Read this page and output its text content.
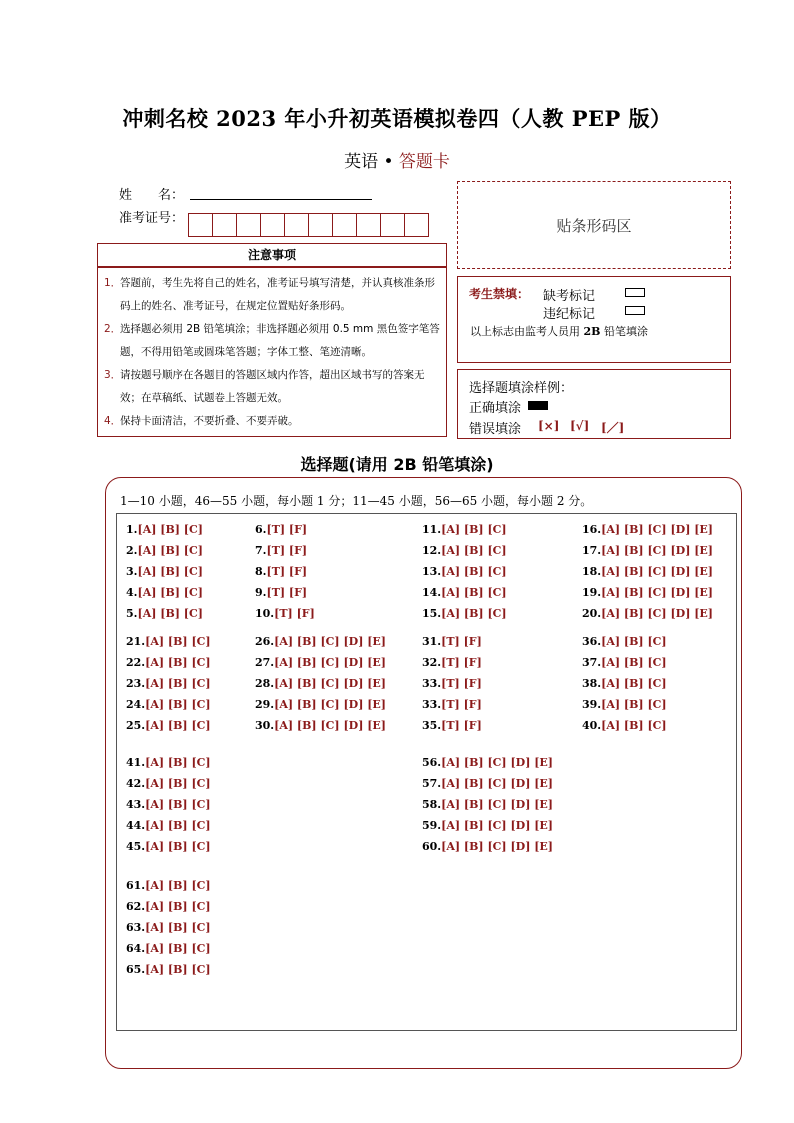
冲刺名校 2023 年小升初英语模拟卷四（人教 PEP 版）
英语 • 答题卡
姓　　名：
准考证号：	贴条形码区
注意事项
1．
答题前，考生先将自己的姓名，准考证号填写清楚，并认真核准条形码上的姓名、准考证号，在规定位置贴好条形码。
2．
选择题必须用 2B 铅笔填涂；非选择题必须用 0.5 mm 黑色签字笔答题，不得用铅笔或圆珠笔答题；字体工整、笔迹清晰。
3．
请按题号顺序在各题目的答题区域内作答，超出区域书写的答案无效；在草稿纸、试题卷上答题无效。
4．
保持卡面清洁，不要折叠、不要弄破。
考生禁填： 缺考标记
违纪标记
以上标志由监考人员用 2B 铅笔填涂
选择题填涂样例：
正确填涂
错误填涂 [×] [√] [／]
选择题(请用 2B 铅笔填涂)
1—10 小题，46—55 小题，每小题 1 分；11—45 小题，56—65 小题，每小题 2 分。
1.[A] [B] [C]
2.[A] [B] [C]
3.[A] [B] [C]
4.[A] [B] [C]
5.[A] [B] [C]
6.[T] [F]
7.[T] [F]
8.[T] [F]
9.[T] [F]
10.[T] [F]
11.[A] [B] [C]
12.[A] [B] [C]
13.[A] [B] [C]
14.[A] [B] [C]
15.[A] [B] [C]
16.[A] [B] [C] [D] [E]
17.[A] [B] [C] [D] [E]
18.[A] [B] [C] [D] [E]
19.[A] [B] [C] [D] [E]
20.[A] [B] [C] [D] [E]
21.[A] [B] [C]
22.[A] [B] [C]
23.[A] [B] [C]
24.[A] [B] [C]
25.[A] [B] [C]
26.[A] [B] [C] [D] [E]
27.[A] [B] [C] [D] [E]
28.[A] [B] [C] [D] [E]
29.[A] [B] [C] [D] [E]
30.[A] [B] [C] [D] [E]
31.[T] [F]
32.[T] [F]
33.[T] [F]
33.[T] [F]
35.[T] [F]
36.[A] [B] [C]
37.[A] [B] [C]
38.[A] [B] [C]
39.[A] [B] [C]
40.[A] [B] [C]
41.[A] [B] [C]
42.[A] [B] [C]
43.[A] [B] [C]
44.[A] [B] [C]
45.[A] [B] [C]
56.[A] [B] [C] [D] [E]
57.[A] [B] [C] [D] [E]
58.[A] [B] [C] [D] [E]
59.[A] [B] [C] [D] [E]
60.[A] [B] [C] [D] [E]
61.[A] [B] [C]
62.[A] [B] [C]
63.[A] [B] [C]
64.[A] [B] [C]
65.[A] [B] [C]
